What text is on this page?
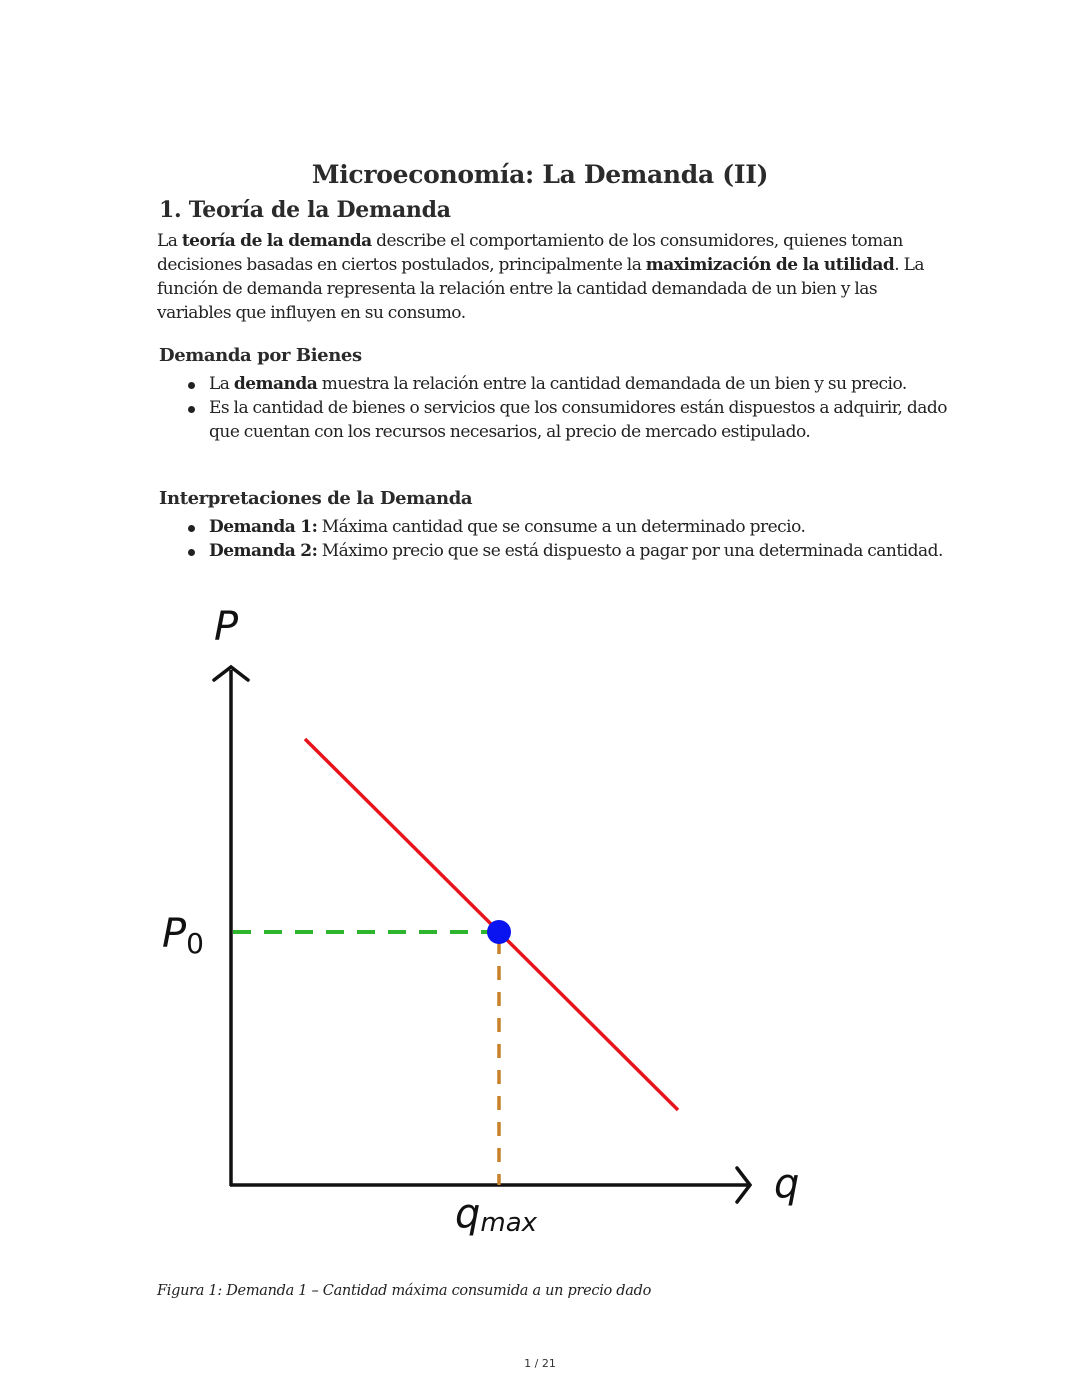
Microeconomía: La Demanda (II)
1. Teoría de la Demanda

La teoría de la demanda describe el comportamiento de los consumidores, quienes toman decisiones basadas en ciertos postulados, principalmente la maximización de la utilidad. La función de demanda representa la relación entre la cantidad demandada de un bien y las variables que influyen en su consumo.

Demanda por Bienes
La demanda muestra la relación entre la cantidad demandada de un bien y su precio.
Es la cantidad de bienes o servicios que los consumidores están dispuestos a adquirir, dado que cuentan con los recursos necesarios, al precio de mercado estipulado.
Interpretaciones de la Demanda
Demanda 1: Máxima cantidad que se consume a un determinado precio.
Demanda 2: Máximo precio que se está dispuesto a pagar por una determinada cantidad.
P
q
P0
qmax
Figura 1: Demanda 1 – Cantidad máxima consumida a un precio dado
1 / 21
